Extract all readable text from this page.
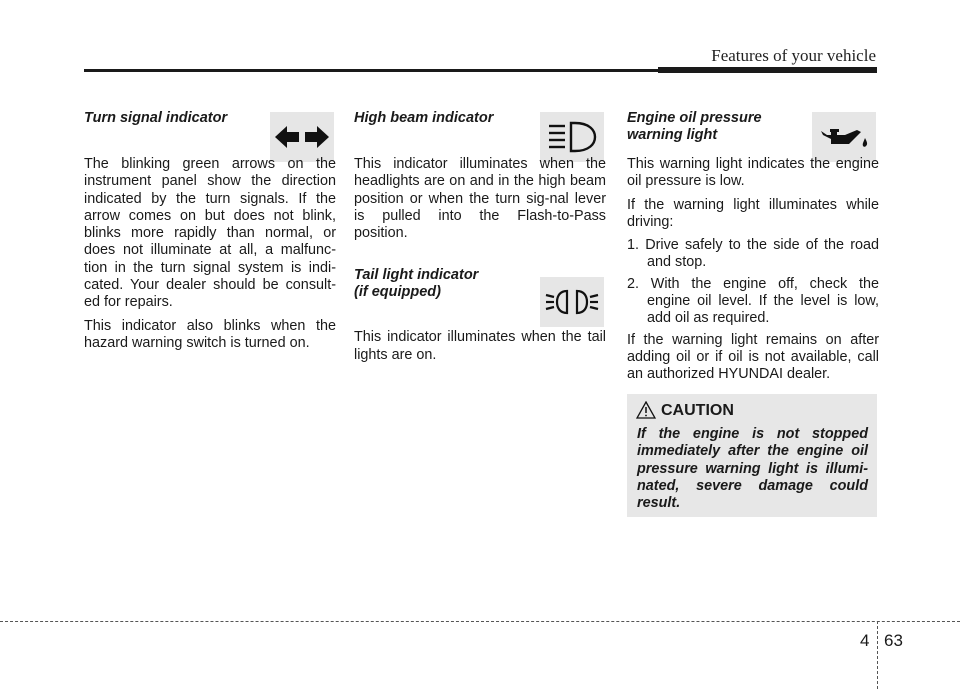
Features of your vehicle

Turn signal indicator

The blinking green arrows on the instrument panel show the direction indicated by the turn signals. If the arrow comes on but does not blink, blinks more rapidly than normal, or does not illuminate at all, a malfunc-tion in the turn signal system is indi-cated. Your dealer should be consult-ed for repairs.

This indicator also blinks when the hazard warning switch is turned on.

High beam indicator

This indicator illuminates when the headlights are on and in the high beam position or when the turn sig-nal lever is pulled into the Flash-to-Pass position.

Tail light indicator
(if equipped)

This indicator illuminates when the tail lights are on.

Engine oil pressure
warning light

This warning light indicates the engine oil pressure is low.

If the warning light illuminates while driving:

1. Drive safely to the side of the road and stop.

2. With the engine off, check the engine oil level. If the level is low, add oil as required.

If the warning light remains on after adding oil or if oil is not available, call an authorized HYUNDAI dealer.

CAUTION
If the engine is not stopped immediately after the engine oil pressure warning light is illumi-nated, severe damage could result.
4 63
